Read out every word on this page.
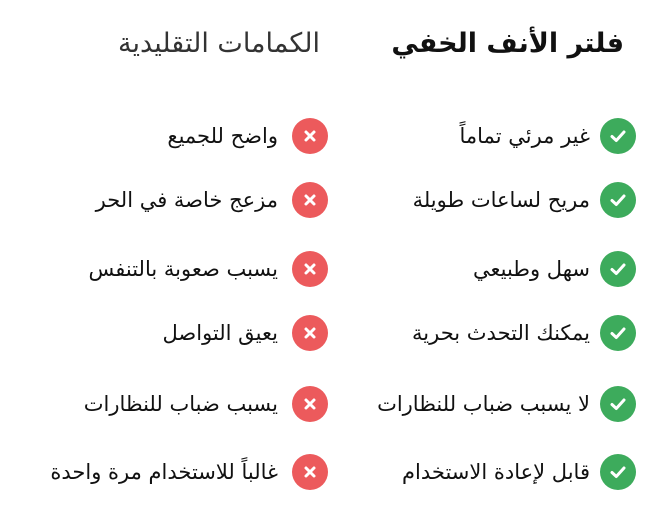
فلتر الأنف الخفي
الكمامات التقليدية
غير مرئي تماماً
مريح لساعات طويلة
سهل وطبيعي
يمكنك التحدث بحرية
لا يسبب ضباب للنظارات
قابل لإعادة الاستخدام
واضح للجميع
مزعج خاصة في الحر
يسبب صعوبة بالتنفس
يعيق التواصل
يسبب ضباب للنظارات
غالباً للاستخدام مرة واحدة
